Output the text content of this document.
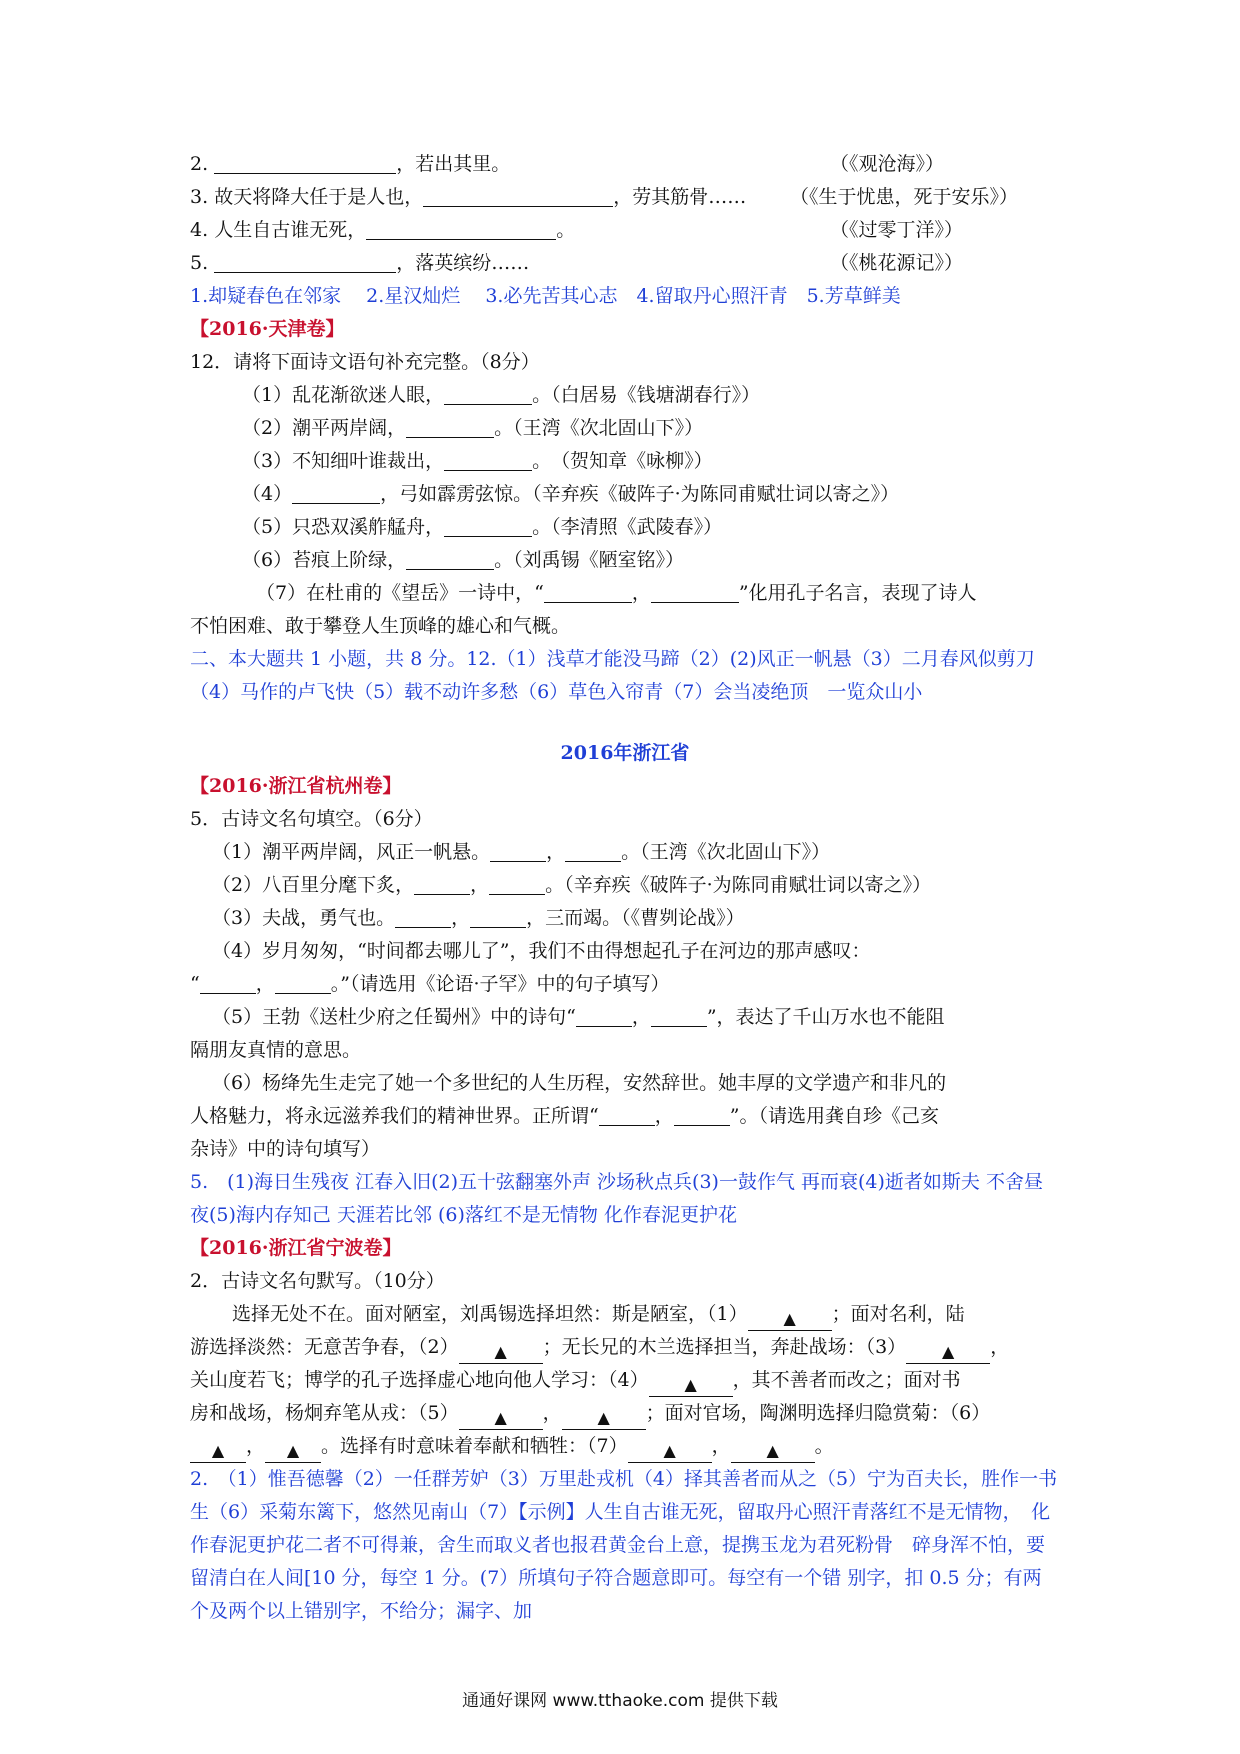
2.	，若出其里。	（《观沧海》）
3. 故天将降大任于是人也，	，劳其筋骨…… （《生于忧患，死于安乐》）
4. 人生自古谁无死，	。	（《过零丁洋》）
5.	，落英缤纷……	（《桃花源记》）
1.却疑春色在邻家　 2.星汉灿烂　 3.必先苦其心志　4.留取丹心照汗青　5.芳草鲜美
【2016·天津卷】
12．请将下面诗文语句补充完整。（8分）
（1）乱花渐欲迷人眼，	。（白居易《钱塘湖春行》）
（2）潮平两岸阔，	。（王湾《次北固山下》）
（3）不知细叶谁裁出，	。　（贺知章《咏柳》）
（4）	，弓如霹雳弦惊。（辛弃疾《破阵子·为陈同甫赋壮词以寄之》）
（5）只恐双溪舴艋舟，	。（李清照《武陵春》）
（6）苔痕上阶绿，	。（刘禹锡《陋室铭》）
（7）在杜甫的《望岳》一诗中，“	，	”化用孔子名言，表现了诗人
不怕困难、敢于攀登人生顶峰的雄心和气概。
二、本大题共 1 小题，共 8 分。12.（1）浅草才能没马蹄（2）(2)风正一帆悬（3）二月春风似剪刀（4）马作的卢飞快（5）载不动许多愁（6）草色入帘青（7）会当凌绝顶　一览众山小
2016年浙江省
【2016·浙江省杭州卷】
5．古诗文名句填空。（6分）
（1）潮平两岸阔，风正一帆悬。	，	。（王湾《次北固山下》）
（2）八百里分麾下炙，	，	。（辛弃疾《破阵子·为陈同甫赋壮词以寄之》）
（3）夫战，勇气也。	，	，三而竭。（《曹刿论战》）
（4）岁月匆匆，“时间都去哪儿了”，我们不由得想起孔子在河边的那声感叹：
“	，	。”（请选用《论语·子罕》中的句子填写）
（5）王勃《送杜少府之任蜀州》中的诗句“	，	”，表达了千山万水也不能阻
隔朋友真情的意思。
（6）杨绛先生走完了她一个多世纪的人生历程，安然辞世。她丰厚的文学遗产和非凡的
人格魅力，将永远滋养我们的精神世界。正所谓“	，	”。（请选用龚自珍《己亥
杂诗》中的诗句填写）
5.　(1)海日生残夜 江春入旧(2)五十弦翻塞外声 沙场秋点兵(3)一鼓作气 再而衰(4)逝者如斯夫 不舍昼夜(5)海内存知己 天涯若比邻 (6)落红不是无情物 化作春泥更护花
【2016·浙江省宁波卷】
2．古诗文名句默写。（10分）
选择无处不在。面对陋室，刘禹锡选择坦然：斯是陋室，（1） ▲ ；面对名利，陆
游选择淡然：无意苦争春，（2） ▲ ；无长兄的木兰选择担当，奔赴战场：（3） ▲ ，
关山度若飞；博学的孔子选择虚心地向他人学习：（4） ▲ ，其不善者而改之；面对书
房和战场，杨炯弃笔从戎：（5） ▲ ， ▲ ；面对官场，陶渊明选择归隐赏菊：（6）
▲ ， ▲ 。选择有时意味着奉献和牺牲：（7） ▲ ， ▲ 。
2.　（1）惟吾德馨（2）一任群芳妒（3）万里赴戎机（4）择其善者而从之（5）宁为百夫长，胜作一书生（6）采菊东篱下，悠然见南山（7）【示例】人生自古谁无死，留取丹心照汗青落红不是无情物，　化作春泥更护花二者不可得兼，舍生而取义者也报君黄金台上意，提携玉龙为君死粉骨　碎身浑不怕，要留清白在人间[10 分，每空 1 分。(7）所填句子符合题意即可。每空有一个错 别字，扣 0.5 分；有两个及两个以上错别字，不给分；漏字、加
通通好课网 www.tthaoke.com 提供下载
